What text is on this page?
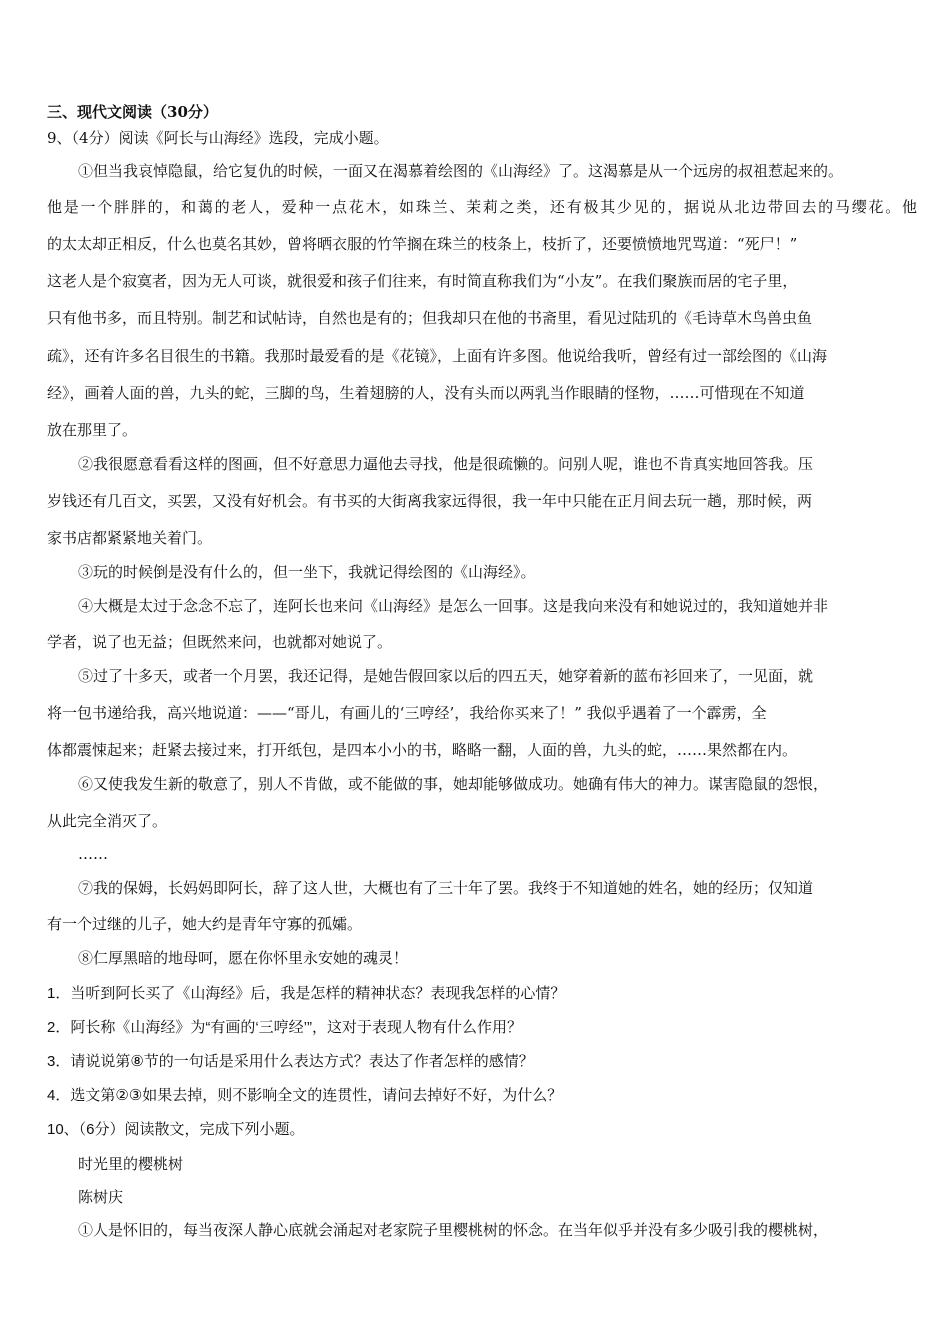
三、现代文阅读（30分）
9、（4分）阅读《阿长与山海经》选段，完成小题。
①但当我哀悼隐鼠，给它复仇的时候，一面又在渴慕着绘图的《山海经》了。这渴慕是从一个远房的叔祖惹起来的。
他是一个胖胖的，和蔼的老人，爱种一点花木，如珠兰、茉莉之类，还有极其少见的，据说从北边带回去的马缨花。他
的太太却正相反，什么也莫名其妙，曾将晒衣服的竹竿搁在珠兰的枝条上，枝折了，还要愤愤地咒骂道：“死尸！”
这老人是个寂寞者，因为无人可谈，就很爱和孩子们往来，有时简直称我们为“小友”。在我们聚族而居的宅子里，
只有他书多，而且特别。制艺和试帖诗，自然也是有的；但我却只在他的书斋里，看见过陆玑的《毛诗草木鸟兽虫鱼
疏》，还有许多名目很生的书籍。我那时最爱看的是《花镜》，上面有许多图。他说给我听，曾经有过一部绘图的《山海
经》，画着人面的兽，九头的蛇，三脚的鸟，生着翅膀的人，没有头而以两乳当作眼睛的怪物，……可惜现在不知道
放在那里了。
②我很愿意看看这样的图画，但不好意思力逼他去寻找，他是很疏懒的。问别人呢，谁也不肯真实地回答我。压
岁钱还有几百文，买罢，又没有好机会。有书买的大街离我家远得很，我一年中只能在正月间去玩一趟，那时候，两
家书店都紧紧地关着门。
③玩的时候倒是没有什么的，但一坐下，我就记得绘图的《山海经》。
④大概是太过于念念不忘了，连阿长也来问《山海经》是怎么一回事。这是我向来没有和她说过的，我知道她并非
学者，说了也无益；但既然来问，也就都对她说了。
⑤过了十多天，或者一个月罢，我还记得，是她告假回家以后的四五天，她穿着新的蓝布衫回来了，一见面，就
将一包书递给我，高兴地说道：——“哥儿，有画儿的‘三哼经’，我给你买来了！” 我似乎遇着了一个霹雳，全
体都震悚起来；赶紧去接过来，打开纸包，是四本小小的书，略略一翻，人面的兽，九头的蛇，……果然都在内。
⑥又使我发生新的敬意了，别人不肯做，或不能做的事，她却能够做成功。她确有伟大的神力。谋害隐鼠的怨恨，
从此完全消灭了。
……
⑦我的保姆，长妈妈即阿长，辞了这人世，大概也有了三十年了罢。我终于不知道她的姓名，她的经历；仅知道
有一个过继的儿子，她大约是青年守寡的孤孀。
⑧仁厚黑暗的地母呵，愿在你怀里永安她的魂灵！
1．当听到阿长买了《山海经》后，我是怎样的精神状态？表现我怎样的心情？
2．阿长称《山海经》为“有画的‘三哼经’”，这对于表现人物有什么作用？
3．请说说第⑧节的一句话是采用什么表达方式？表达了作者怎样的感情？
4．选文第②③如果去掉，则不影响全文的连贯性，请问去掉好不好，为什么？
10、（6分）阅读散文，完成下列小题。
时光里的樱桃树
陈树庆
①人是怀旧的，每当夜深人静心底就会涌起对老家院子里樱桃树的怀念。在当年似乎并没有多少吸引我的樱桃树，
